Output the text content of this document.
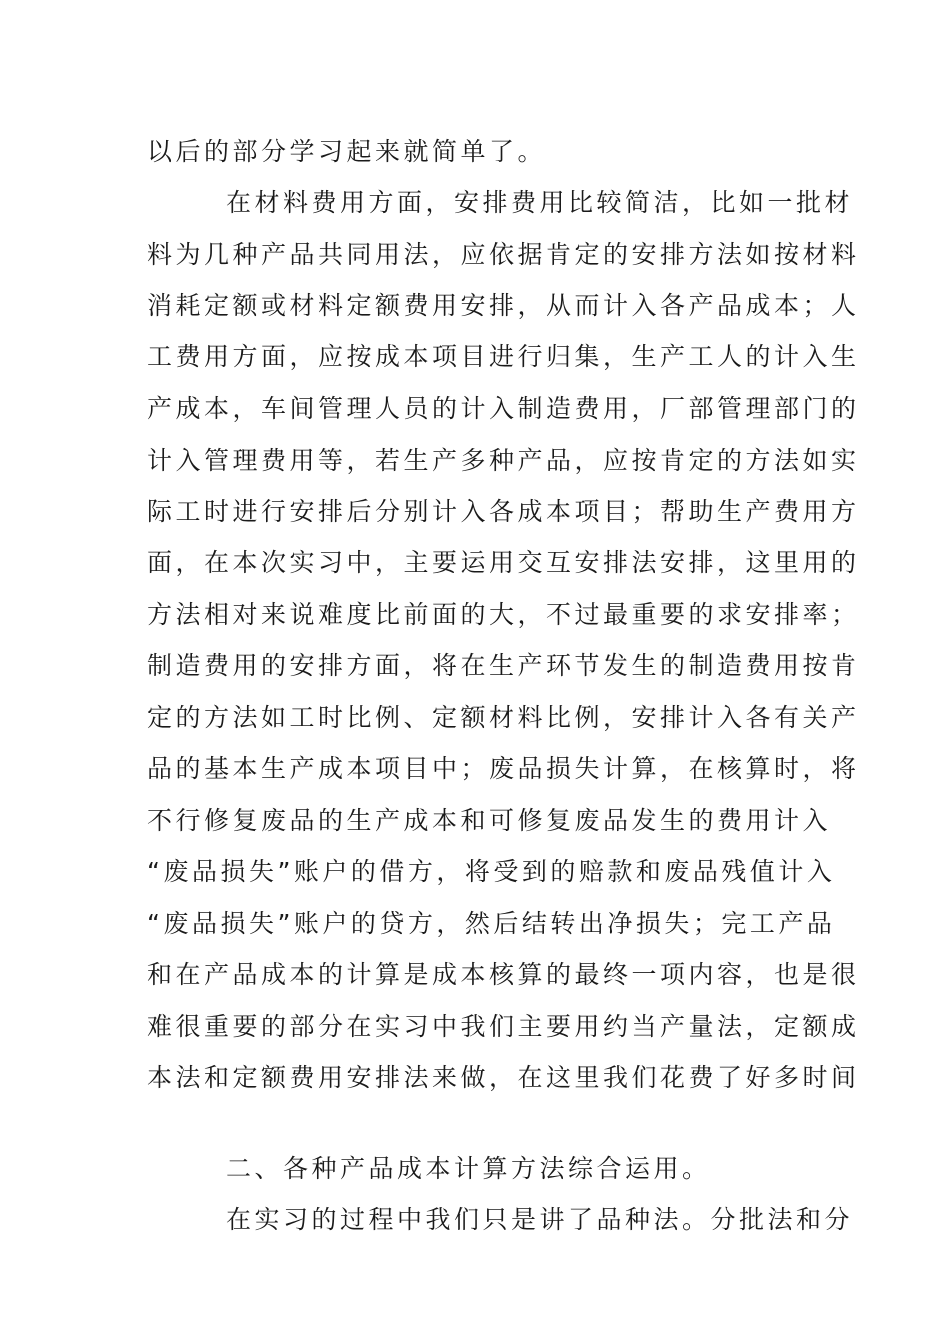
以后的部分学习起来就简单了。
在材料费用方面，安排费用比较简洁，比如一批材
料为几种产品共同用法，应依据肯定的安排方法如按材料
消耗定额或材料定额费用安排，从而计入各产品成本；人
工费用方面，应按成本项目进行归集，生产工人的计入生
产成本，车间管理人员的计入制造费用，厂部管理部门的
计入管理费用等，若生产多种产品，应按肯定的方法如实
际工时进行安排后分别计入各成本项目；帮助生产费用方
面，在本次实习中，主要运用交互安排法安排，这里用的
方法相对来说难度比前面的大，不过最重要的求安排率；
制造费用的安排方面，将在生产环节发生的制造费用按肯
定的方法如工时比例、定额材料比例，安排计入各有关产
品的基本生产成本项目中；废品损失计算，在核算时，将
不行修复废品的生产成本和可修复废品发生的费用计入
“废品损失”账户的借方，将受到的赔款和废品残值计入
“废品损失”账户的贷方，然后结转出净损失；完工产品
和在产品成本的计算是成本核算的最终一项内容，也是很
难很重要的部分在实习中我们主要用约当产量法，定额成
本法和定额费用安排法来做，在这里我们花费了好多时间
二、各种产品成本计算方法综合运用。
在实习的过程中我们只是讲了品种法。分批法和分
